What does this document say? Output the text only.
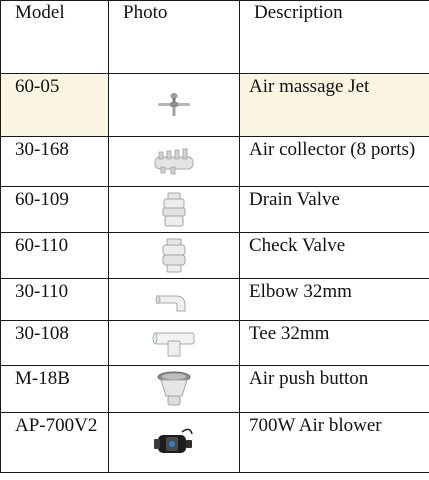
Model	Photo	Description
60-05		Air massage Jet
30-168		Air collector (8 ports)
60-109		Drain Valve
60-110		Check Valve
30-110		Elbow 32mm
30-108		Tee 32mm
M-18B		Air push button
AP-700V2		700W Air blower
